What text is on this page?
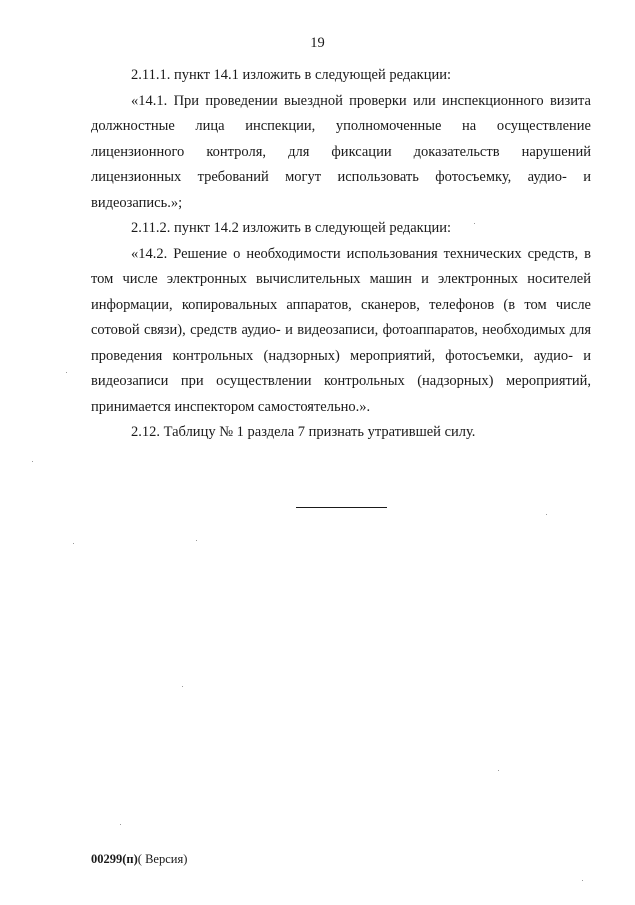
19

2.11.1. пункт 14.1 изложить в следующей редакции:

«14.1. При проведении выездной проверки или инспекционного визита должностные лица инспекции, уполномоченные на осуществление лицензионного контроля, для фиксации доказательств нарушений лицензионных требований могут использовать фотосъемку, аудио- и видеозапись.»;

2.11.2. пункт 14.2 изложить в следующей редакции:

«14.2. Решение о необходимости использования технических средств, в том числе электронных вычислительных машин и электронных носителей информации, копировальных аппаратов, сканеров, телефонов (в том числе сотовой связи), средств аудио- и видеозаписи, фотоаппаратов, необходимых для проведения контрольных (надзорных) мероприятий, фотосъемки, аудио- и видеозаписи при осуществлении контрольных (надзорных) мероприятий, принимается инспектором самостоятельно.».

2.12. Таблицу № 1 раздела 7 признать утратившей силу.

00299(п)( Версия)
